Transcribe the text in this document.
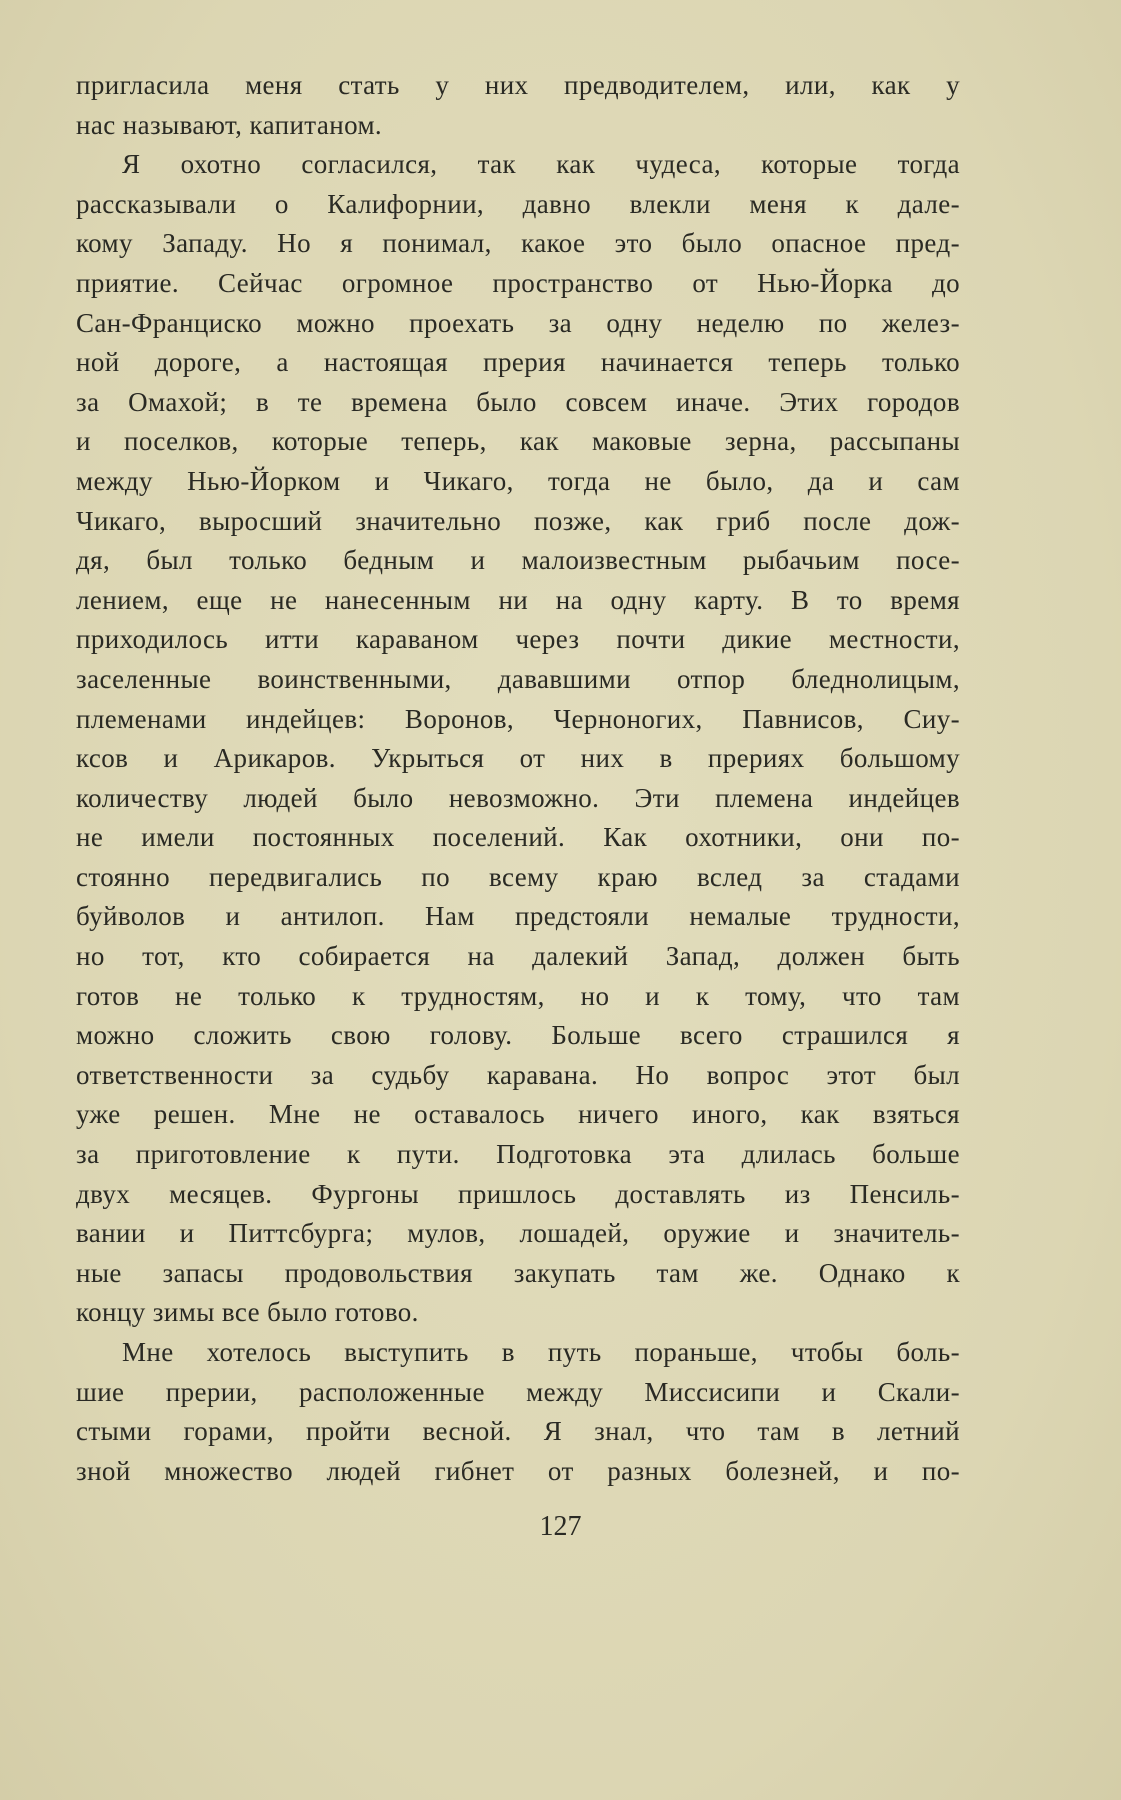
пригласила меня стать у них предводителем, или, как у
нас называют, капитаном.
Я охотно согласился, так как чудеса, которые тогда
рассказывали о Калифорнии, давно влекли меня к дале-
кому Западу. Но я понимал, какое это было опасное пред-
приятие. Сейчас огромное пространство от Нью-Йорка до
Сан-Франциско можно проехать за одну неделю по желез-
ной дороге, а настоящая прерия начинается теперь только
за Омахой; в те времена было совсем иначе. Этих городов
и поселков, которые теперь, как маковые зерна, рассыпаны
между Нью-Йорком и Чикаго, тогда не было, да и сам
Чикаго, выросший значительно позже, как гриб после дож-
дя, был только бедным и малоизвестным рыбачьим посе-
лением, еще не нанесенным ни на одну карту. В то время
приходилось итти караваном через почти дикие местности,
заселенные воинственными, дававшими отпор бледнолицым,
племенами индейцев: Воронов, Черноногих, Павнисов, Сиу-
ксов и Арикаров. Укрыться от них в прериях большому
количеству людей было невозможно. Эти племена индейцев
не имели постоянных поселений. Как охотники, они по-
стоянно передвигались по всему краю вслед за стадами
буйволов и антилоп. Нам предстояли немалые трудности,
но тот, кто собирается на далекий Запад, должен быть
готов не только к трудностям, но и к тому, что там
можно сложить свою голову. Больше всего страшился я
ответственности за судьбу каравана. Но вопрос этот был
уже решен. Мне не оставалось ничего иного, как взяться
за приготовление к пути. Подготовка эта длилась больше
двух месяцев. Фургоны пришлось доставлять из Пенсиль-
вании и Питтсбурга; мулов, лошадей, оружие и значитель-
ные запасы продовольствия закупать там же. Однако к
концу зимы все было готово.
Мне хотелось выступить в путь пораньше, чтобы боль-
шие прерии, расположенные между Миссисипи и Скали-
стыми горами, пройти весной. Я знал, что там в летний
зной множество людей гибнет от разных болезней, и по-
127
